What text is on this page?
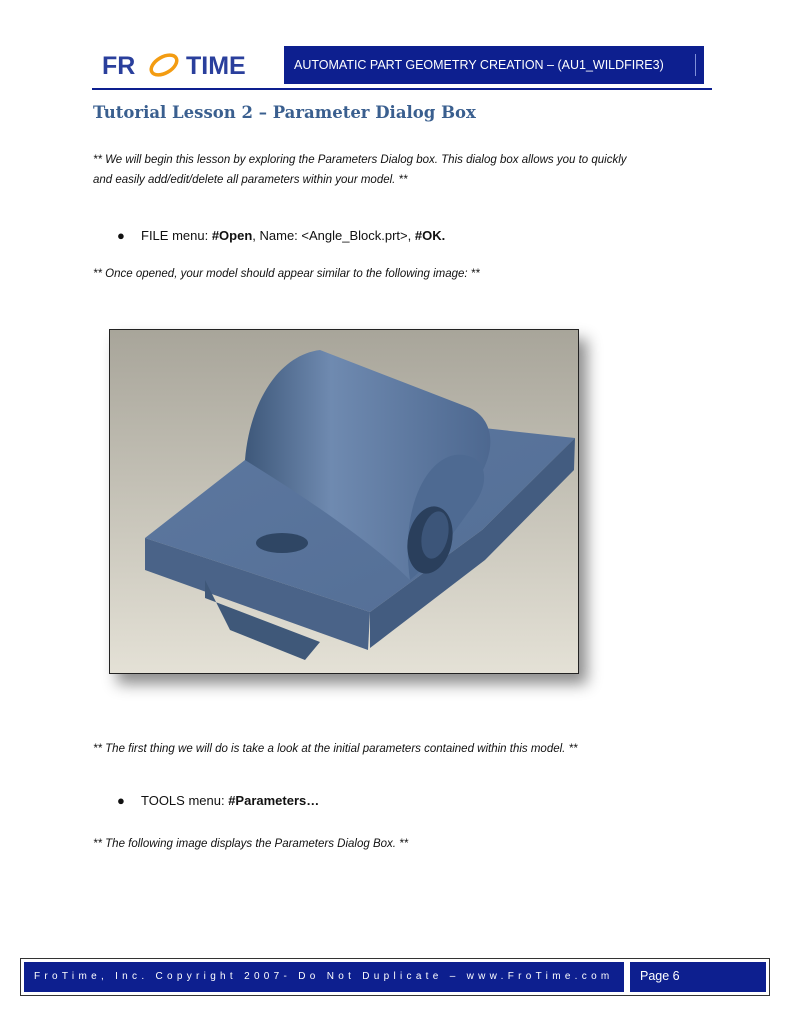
FR TIME	AUTOMATIC PART GEOMETRY CREATION – (AU1_WILDFIRE3)
Tutorial Lesson 2 – Parameter Dialog Box
** We will begin this lesson by exploring the Parameters Dialog box. This dialog box allows you to quickly
and easily add/edit/delete all parameters within your model. **
● FILE menu: #Open, Name: <Angle_Block.prt>, #OK.
** Once opened, your model should appear similar to the following image: **
** The first thing we will do is take a look at the initial parameters contained within this model. **
● TOOLS menu: #Parameters…
** The following image displays the Parameters Dialog Box. **
FroTime, Inc. Copyright 2007- Do Not Duplicate – www.FroTime.com	Page 6
